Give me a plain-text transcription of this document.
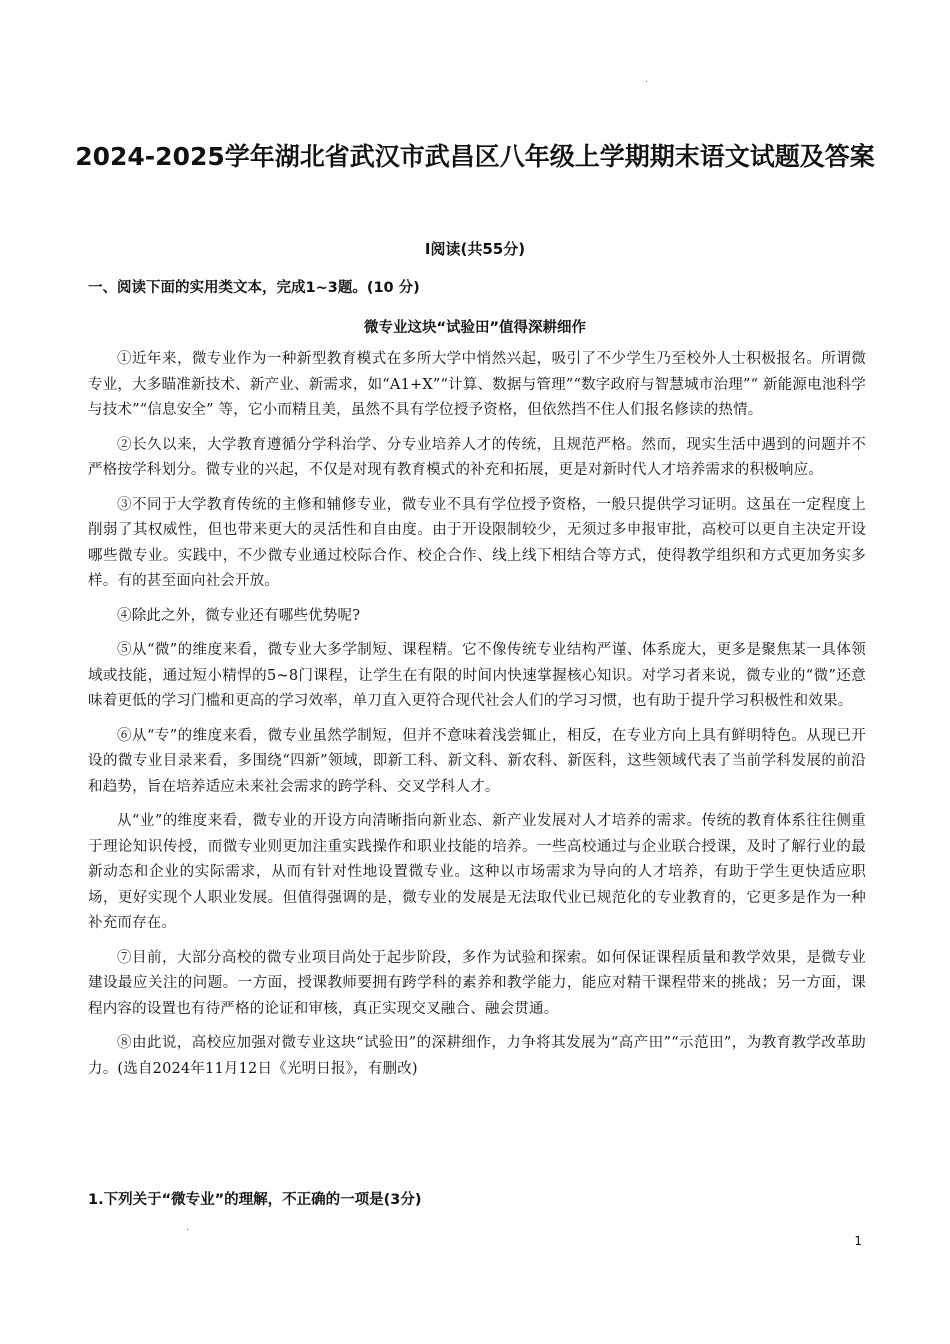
.
2024-2025学年湖北省武汉市武昌区八年级上学期期末语文试题及答案
I阅读(共55分)
一、阅读下面的实用类文本，完成1~3题。(10 分)
微专业这块“试验田”值得深耕细作

①近年来，微专业作为一种新型教育模式在多所大学中悄然兴起，吸引了不少学生乃至校外人士积极报名。所谓微专业，大多瞄准新技术、新产业、新需求，如“A1+X”“计算、数据与管理”“数字政府与智慧城市治理”“ 新能源电池科学与技术”“信息安全” 等，它小而精且美，虽然不具有学位授予资格，但依然挡不住人们报名修读的热情。

②长久以来，大学教育遵循分学科治学、分专业培养人才的传统，且规范严格。然而，现实生活中遇到的问题并不严格按学科划分。微专业的兴起，不仅是对现有教育模式的补充和拓展，更是对新时代人才培养需求的积极响应。

③不同于大学教育传统的主修和辅修专业，微专业不具有学位授予资格，一般只提供学习证明。这虽在一定程度上削弱了其权威性，但也带来更大的灵活性和自由度。由于开设限制较少，无须过多申报审批，高校可以更自主决定开设哪些微专业。实践中，不少微专业通过校际合作、校企合作、线上线下相结合等方式，使得教学组织和方式更加务实多样。有的甚至面向社会开放。

④除此之外，微专业还有哪些优势呢?

⑤从“微”的维度来看，微专业大多学制短、课程精。它不像传统专业结构严谨、体系庞大，更多是聚焦某一具体领域或技能，通过短小精悍的5~8门课程，让学生在有限的时间内快速掌握核心知识。对学习者来说，微专业的“微”还意味着更低的学习门槛和更高的学习效率，单刀直入更符合现代社会人们的学习习惯，也有助于提升学习积极性和效果。

⑥从“专”的维度来看，微专业虽然学制短，但并不意味着浅尝辄止，相反，在专业方向上具有鲜明特色。从现已开设的微专业目录来看，多围绕“四新”领域，即新工科、新文科、新农科、新医科，这些领域代表了当前学科发展的前沿和趋势，旨在培养适应未来社会需求的跨学科、交叉学科人才。

从“业”的维度来看，微专业的开设方向清晰指向新业态、新产业发展对人才培养的需求。传统的教育体系往往侧重于理论知识传授，而微专业则更加注重实践操作和职业技能的培养。一些高校通过与企业联合授课，及时了解行业的最新动态和企业的实际需求，从而有针对性地设置微专业。这种以市场需求为导向的人才培养，有助于学生更快适应职场，更好实现个人职业发展。但值得强调的是，微专业的发展是无法取代业已规范化的专业教育的，它更多是作为一种补充而存在。

⑦目前，大部分高校的微专业项目尚处于起步阶段，多作为试验和探索。如何保证课程质量和教学效果，是微专业建设最应关注的问题。一方面，授课教师要拥有跨学科的素养和教学能力，能应对精干课程带来的挑战；另一方面，课程内容的设置也有待严格的论证和审核，真正实现交叉融合、融会贯通。

⑧由此说，高校应加强对微专业这块“试验田”的深耕细作，力争将其发展为“高产田”“示范田”，为教育教学改革助力。(选自2024年11月12日《光明日报》，有删改)

1.下列关于“微专业”的理解，不正确的一项是(3分)
.
1
